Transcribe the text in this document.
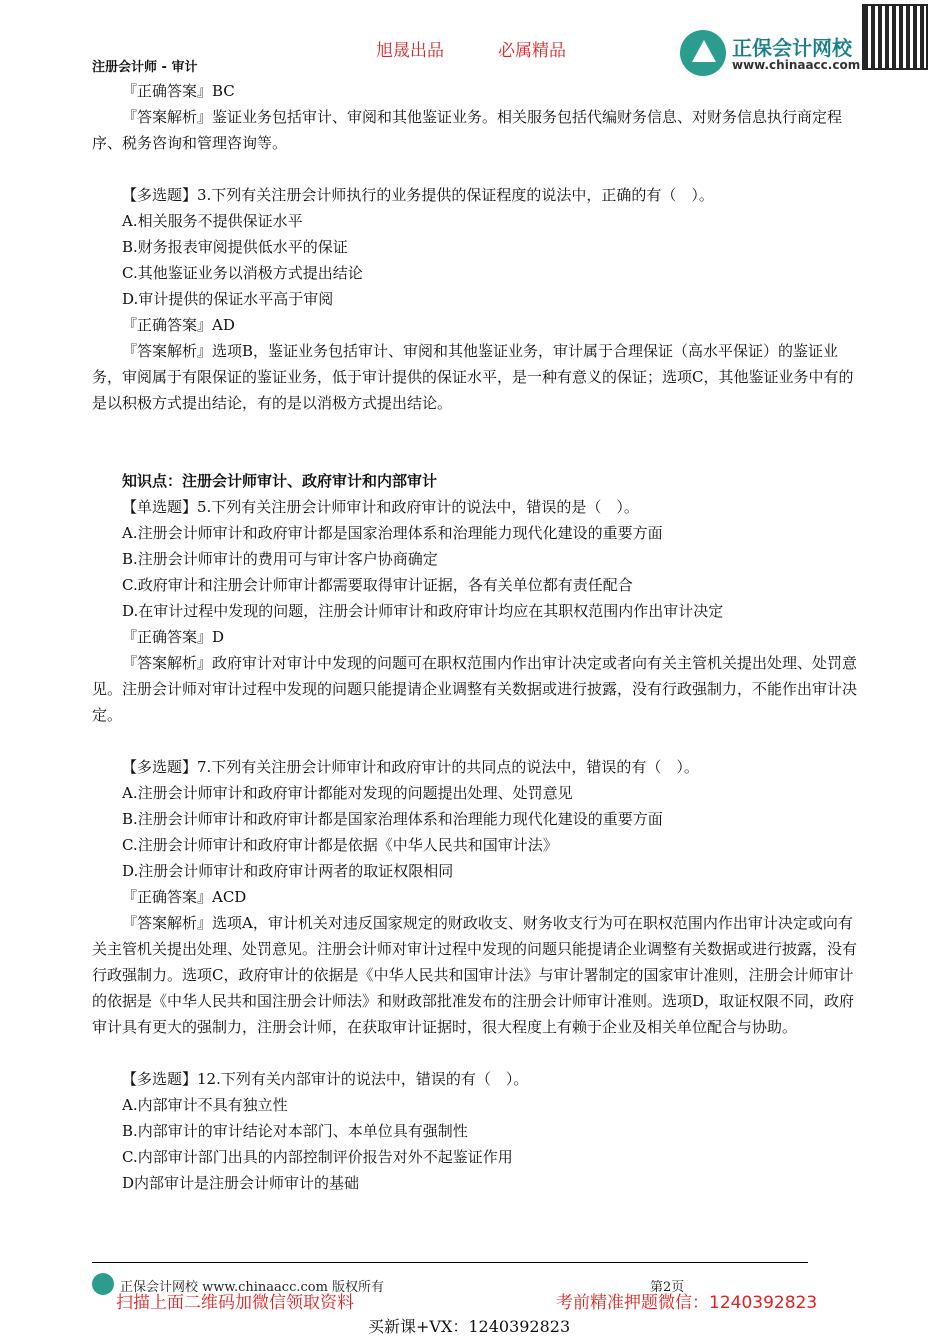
旭晟出品	必属精品
注册会计师 - 审计
正保会计网校
www.chinaacc.com

『正确答案』BC

『答案解析』鉴证业务包括审计、审阅和其他鉴证业务。相关服务包括代编财务信息、对财务信息执行商定程序、税务咨询和管理咨询等。

【多选题】3.下列有关注册会计师执行的业务提供的保证程度的说法中，正确的有（　）。

A.相关服务不提供保证水平

B.财务报表审阅提供低水平的保证

C.其他鉴证业务以消极方式提出结论

D.审计提供的保证水平高于审阅

『正确答案』AD

『答案解析』选项B，鉴证业务包括审计、审阅和其他鉴证业务，审计属于合理保证（高水平保证）的鉴证业务，审阅属于有限保证的鉴证业务，低于审计提供的保证水平，是一种有意义的保证；选项C，其他鉴证业务中有的是以积极方式提出结论，有的是以消极方式提出结论。

知识点：注册会计师审计、政府审计和内部审计

【单选题】5.下列有关注册会计师审计和政府审计的说法中，错误的是（　）。

A.注册会计师审计和政府审计都是国家治理体系和治理能力现代化建设的重要方面

B.注册会计师审计的费用可与审计客户协商确定

C.政府审计和注册会计师审计都需要取得审计证据，各有关单位都有责任配合

D.在审计过程中发现的问题，注册会计师审计和政府审计均应在其职权范围内作出审计决定

『正确答案』D

『答案解析』政府审计对审计中发现的问题可在职权范围内作出审计决定或者向有关主管机关提出处理、处罚意见。注册会计师对审计过程中发现的问题只能提请企业调整有关数据或进行披露，没有行政强制力，不能作出审计决定。

【多选题】7.下列有关注册会计师审计和政府审计的共同点的说法中，错误的有（　）。

A.注册会计师审计和政府审计都能对发现的问题提出处理、处罚意见

B.注册会计师审计和政府审计都是国家治理体系和治理能力现代化建设的重要方面

C.注册会计师审计和政府审计都是依据《中华人民共和国审计法》

D.注册会计师审计和政府审计两者的取证权限相同

『正确答案』ACD

『答案解析』选项A，审计机关对违反国家规定的财政收支、财务收支行为可在职权范围内作出审计决定或向有关主管机关提出处理、处罚意见。注册会计师对审计过程中发现的问题只能提请企业调整有关数据或进行披露，没有行政强制力。选项C，政府审计的依据是《中华人民共和国审计法》与审计署制定的国家审计准则，注册会计师审计的依据是《中华人民共和国注册会计师法》和财政部批准发布的注册会计师审计准则。选项D，取证权限不同，政府审计具有更大的强制力，注册会计师，在获取审计证据时，很大程度上有赖于企业及相关单位配合与协助。

【多选题】12.下列有关内部审计的说法中，错误的有（　）。

A.内部审计不具有独立性

B.内部审计的审计结论对本部门、本单位具有强制性

C.内部审计部门出具的内部控制评价报告对外不起鉴证作用

D内部审计是注册会计师审计的基础

正保会计网校 www.chinaacc.com 版权所有	第2页
扫描上面二维码加微信领取资料	考前精准押题微信：1240392823
买新课+VX：1240392823
